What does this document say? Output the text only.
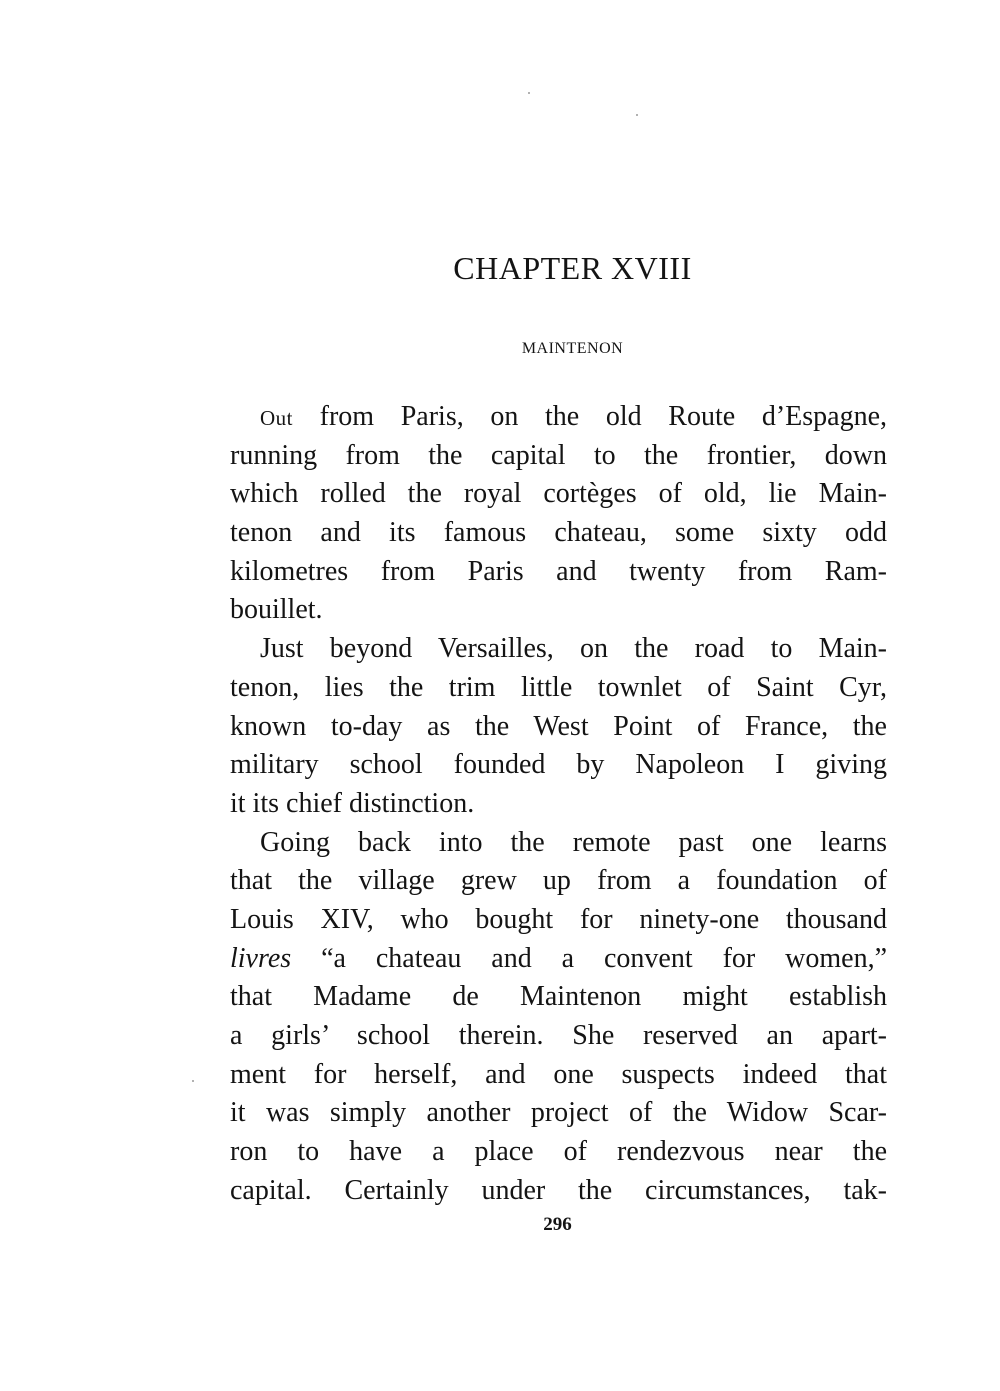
CHAPTER XVIII
MAINTENON
Out from Paris, on the old Route d’Espagne,
running from the capital to the frontier, down
which rolled the royal cortèges of old, lie Main-
tenon and its famous chateau, some sixty odd
kilometres from Paris and twenty from Ram-
bouillet.
Just beyond Versailles, on the road to Main-
tenon, lies the trim little townlet of Saint Cyr,
known to-day as the West Point of France, the
military school founded by Napoleon I giving
it its chief distinction.
Going back into the remote past one learns
that the village grew up from a foundation of
Louis XIV, who bought for ninety-one thousand
livres “a chateau and a convent for women,”
that Madame de Maintenon might establish
a girls’ school therein. She reserved an apart-
ment for herself, and one suspects indeed that
it was simply another project of the Widow Scar-
ron to have a place of rendezvous near the
capital. Certainly under the circumstances, tak-
296
